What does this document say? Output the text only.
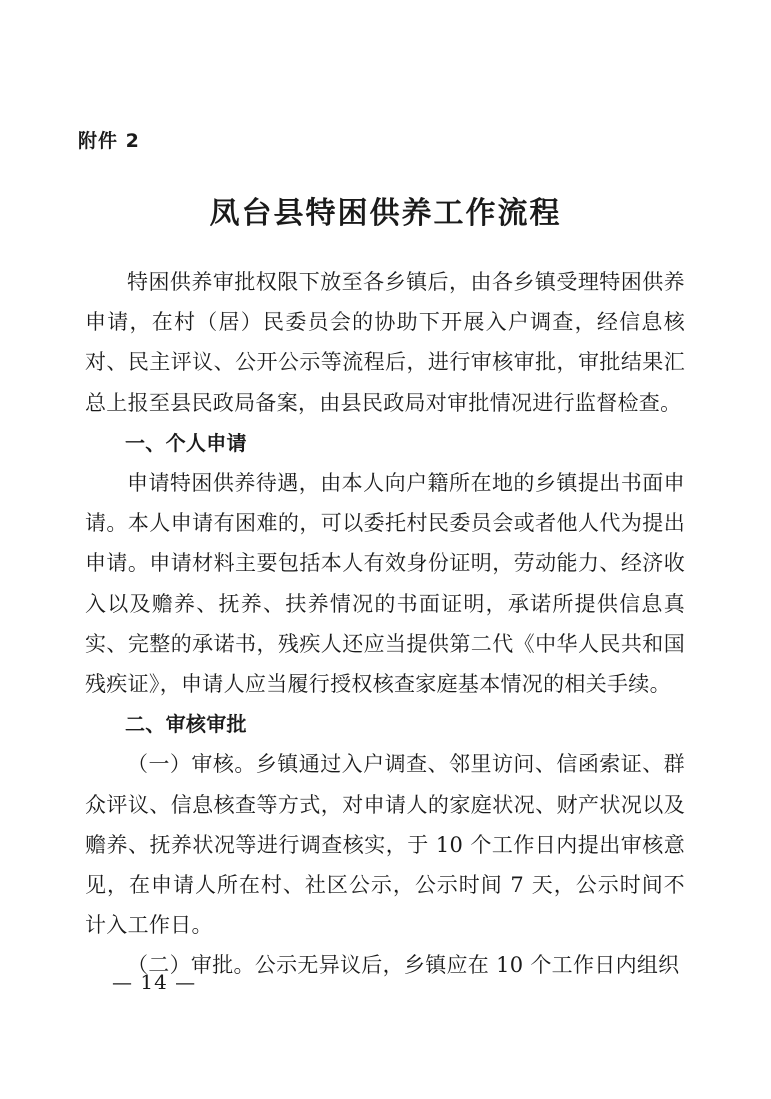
附件 2
凤台县特困供养工作流程

特困供养审批权限下放至各乡镇后，由各乡镇受理特困供养申请，在村（居）民委员会的协助下开展入户调查，经信息核对、民主评议、公开公示等流程后，进行审核审批，审批结果汇总上报至县民政局备案，由县民政局对审批情况进行监督检查。

一、个人申请

申请特困供养待遇，由本人向户籍所在地的乡镇提出书面申请。本人申请有困难的，可以委托村民委员会或者他人代为提出申请。申请材料主要包括本人有效身份证明，劳动能力、经济收入以及赡养、抚养、扶养情况的书面证明，承诺所提供信息真实、完整的承诺书，残疾人还应当提供第二代《中华人民共和国残疾证》，申请人应当履行授权核查家庭基本情况的相关手续。

二、审核审批

（一）审核。乡镇通过入户调查、邻里访问、信函索证、群众评议、信息核查等方式，对申请人的家庭状况、财产状况以及赡养、抚养状况等进行调查核实，于 10 个工作日内提出审核意见，在申请人所在村、社区公示，公示时间 7 天，公示时间不计入工作日。

（二）审批。公示无异议后，乡镇应在 10 个工作日内组织

— 14 —
